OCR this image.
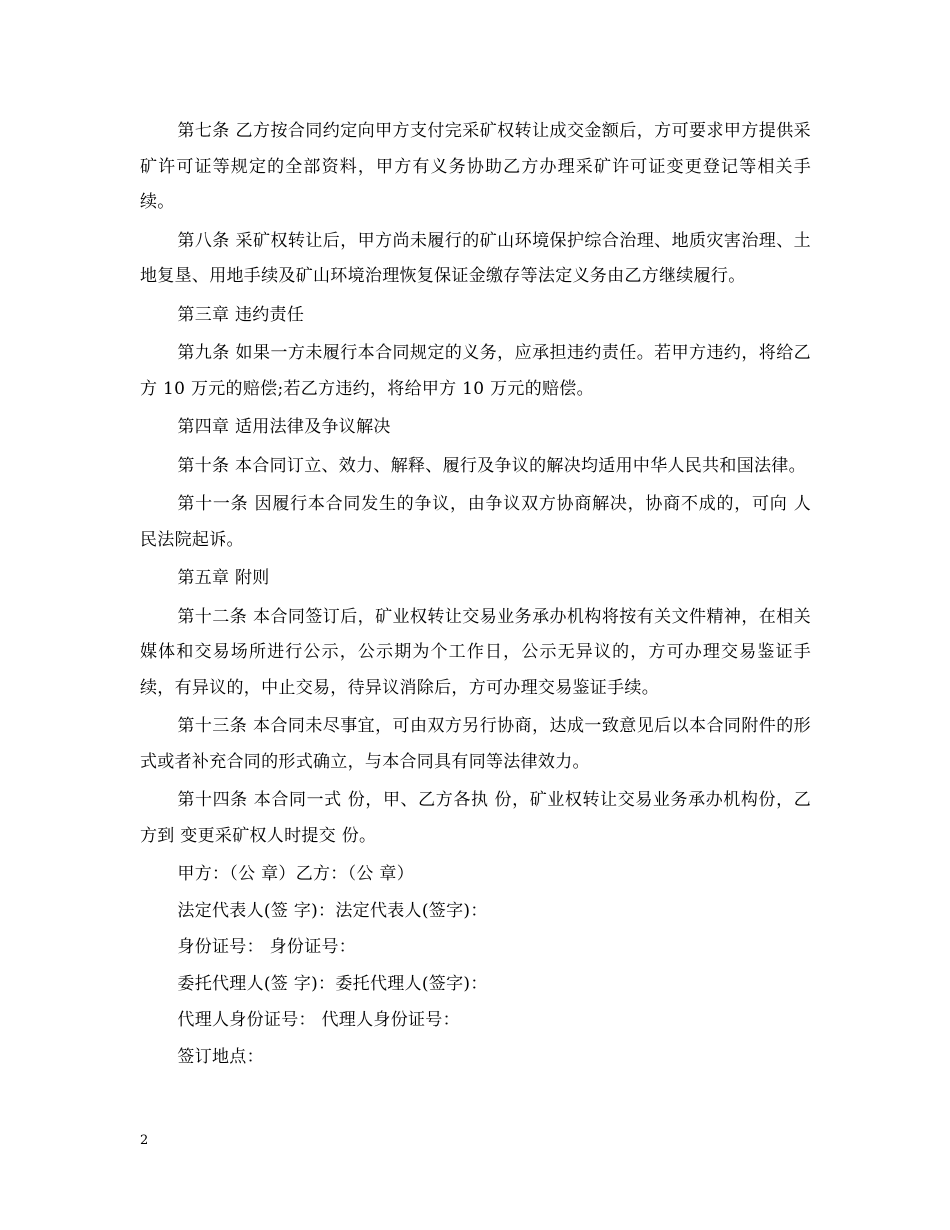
第七条 乙方按合同约定向甲方支付完采矿权转让成交金额后，方可要求甲方提供采矿许可证等规定的全部资料，甲方有义务协助乙方办理采矿许可证变更登记等相关手续。

第八条 采矿权转让后，甲方尚未履行的矿山环境保护综合治理、地质灾害治理、土地复垦、用地手续及矿山环境治理恢复保证金缴存等法定义务由乙方继续履行。

第三章 违约责任

第九条 如果一方未履行本合同规定的义务，应承担违约责任。若甲方违约，将给乙方 10 万元的赔偿;若乙方违约，将给甲方 10 万元的赔偿。

第四章 适用法律及争议解决

第十条 本合同订立、效力、解释、履行及争议的解决均适用中华人民共和国法律。

第十一条 因履行本合同发生的争议，由争议双方协商解决，协商不成的，可向 人民法院起诉。

第五章 附则

第十二条 本合同签订后，矿业权转让交易业务承办机构将按有关文件精神，在相关媒体和交易场所进行公示，公示期为个工作日，公示无异议的，方可办理交易鉴证手续，有异议的，中止交易，待异议消除后，方可办理交易鉴证手续。

第十三条 本合同未尽事宜，可由双方另行协商，达成一致意见后以本合同附件的形式或者补充合同的形式确立，与本合同具有同等法律效力。

第十四条 本合同一式 份，甲、乙方各执 份，矿业权转让交易业务承办机构份，乙方到 变更采矿权人时提交 份。

甲方：（公 章）乙方：（公 章）

法定代表人(签 字)：法定代表人(签字)：

身份证号： 身份证号：

委托代理人(签 字)：委托代理人(签字)：

代理人身份证号： 代理人身份证号：

签订地点：

2
